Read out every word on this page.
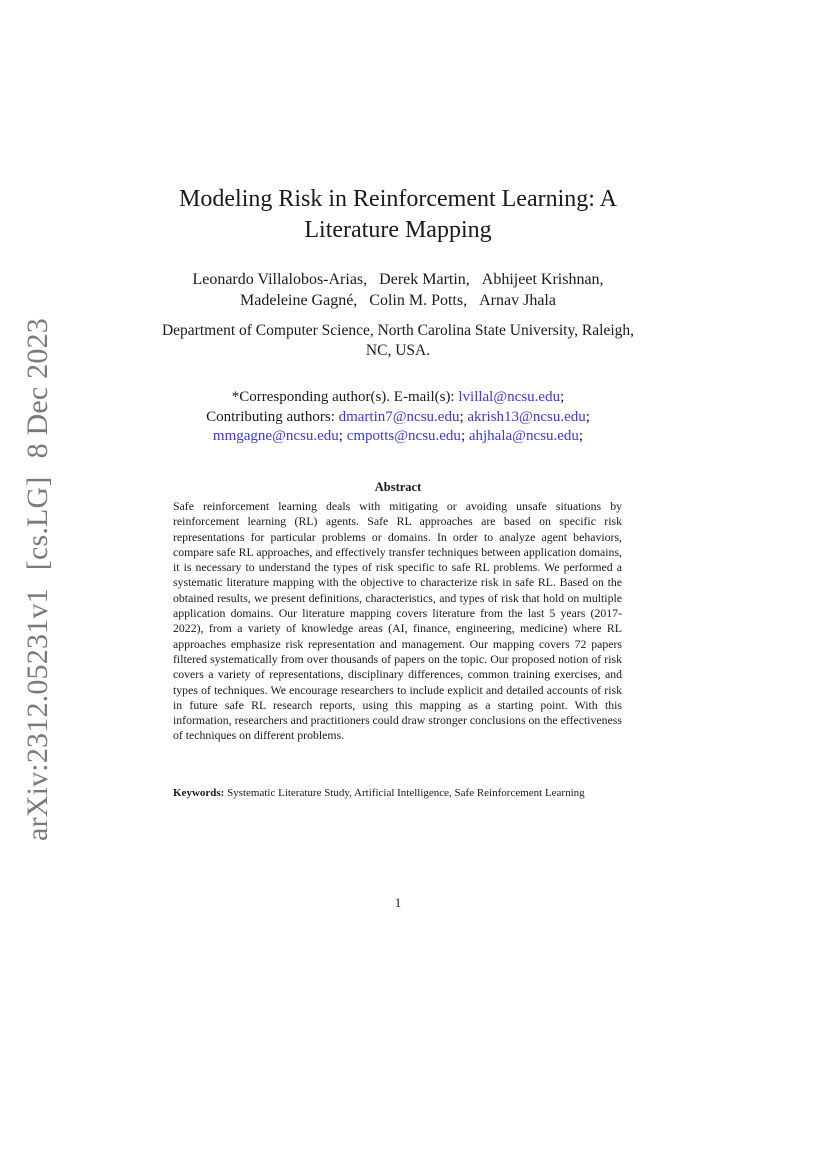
arXiv:2312.05231v1[cs.LG]8 Dec 2023
Modeling Risk in Reinforcement Learning: A Literature Mapping
Leonardo Villalobos-Arias, Derek Martin, Abhijeet Krishnan,
Madeleine Gagné, Colin M. Potts, Arnav Jhala
Department of Computer Science, North Carolina State University, Raleigh, NC, USA.
*Corresponding author(s). E-mail(s): lvillal@ncsu.edu;
Contributing authors: dmartin7@ncsu.edu; akrish13@ncsu.edu;
mmgagne@ncsu.edu; cmpotts@ncsu.edu; ahjhala@ncsu.edu;
Abstract
Safe reinforcement learning deals with mitigating or avoiding unsafe situations by reinforcement learning (RL) agents. Safe RL approaches are based on specific risk representations for particular problems or domains. In order to analyze agent behaviors, compare safe RL approaches, and effectively transfer techniques between application domains, it is necessary to understand the types of risk specific to safe RL problems. We performed a systematic literature mapping with the objective to characterize risk in safe RL. Based on the obtained results, we present definitions, characteristics, and types of risk that hold on multiple application domains. Our literature mapping covers literature from the last 5 years (2017-2022), from a variety of knowledge areas (AI, finance, engineering, medicine) where RL approaches emphasize risk representation and management. Our mapping covers 72 papers filtered systematically from over thousands of papers on the topic. Our proposed notion of risk covers a variety of representations, disciplinary differences, common training exercises, and types of techniques. We encourage researchers to include explicit and detailed accounts of risk in future safe RL research reports, using this mapping as a starting point. With this information, researchers and practitioners could draw stronger conclusions on the effectiveness of techniques on different problems.
Keywords: Systematic Literature Study, Artificial Intelligence, Safe Reinforcement Learning
1
